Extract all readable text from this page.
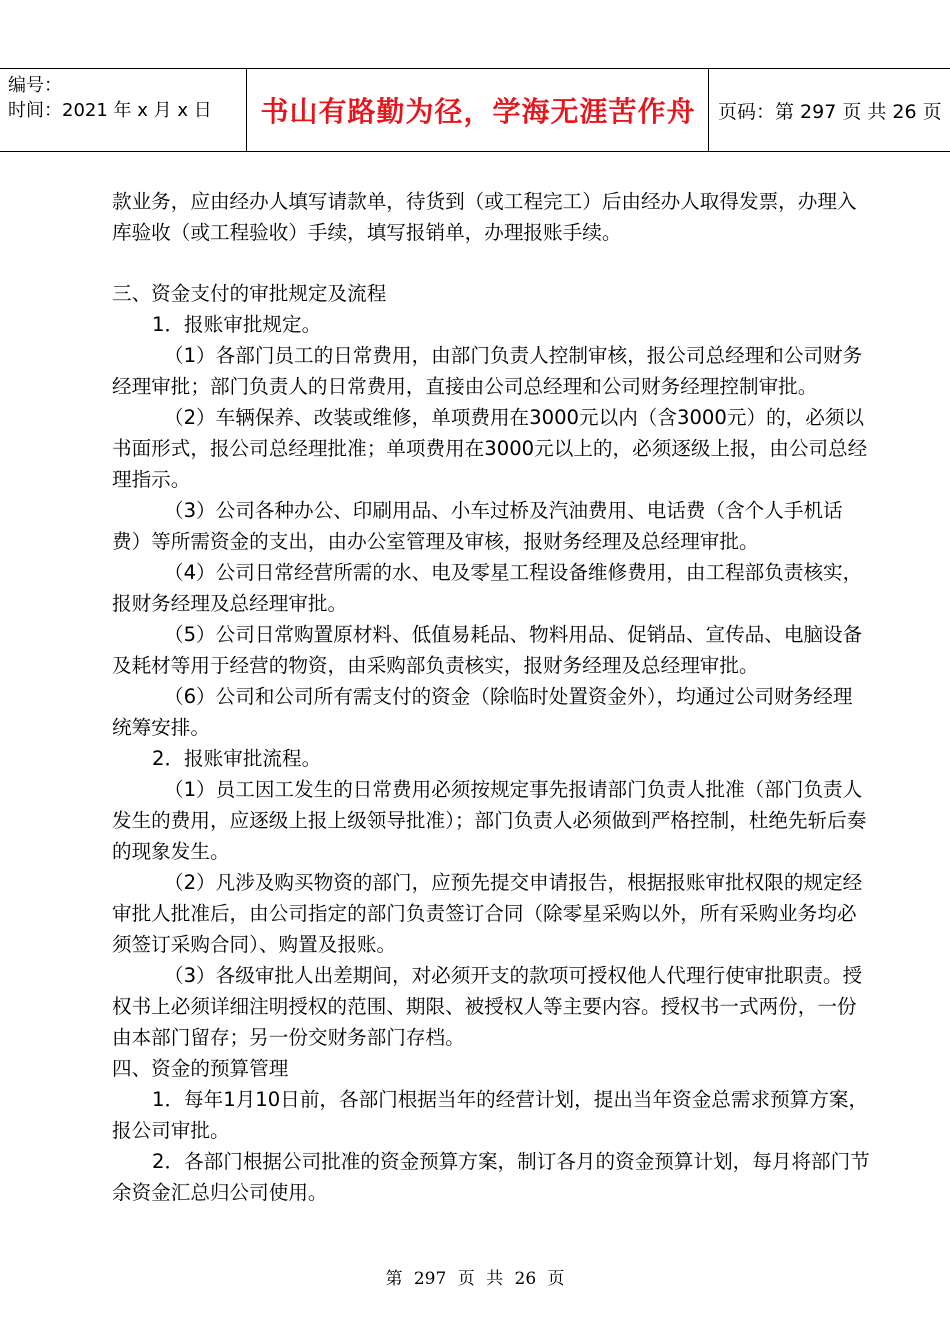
编号：
时间：2021 年 x 月 x 日	书山有路勤为径，学海无涯苦作舟	页码：第 297 页 共 26 页

款业务，应由经办人填写请款单，待货到（或工程完工）后由经办人取得发票，办理入库验收（或工程验收）手续，填写报销单，办理报账手续。

三、资金支付的审批规定及流程

1．报账审批规定。

（1）各部门员工的日常费用，由部门负责人控制审核，报公司总经理和公司财务经理审批；部门负责人的日常费用，直接由公司总经理和公司财务经理控制审批。

（2）车辆保养、改装或维修，单项费用在3000元以内（含3000元）的，必须以书面形式，报公司总经理批准；单项费用在3000元以上的，必须逐级上报，由公司总经理指示。

（3）公司各种办公、印刷用品、小车过桥及汽油费用、电话费（含个人手机话费）等所需资金的支出，由办公室管理及审核，报财务经理及总经理审批。

（4）公司日常经营所需的水、电及零星工程设备维修费用，由工程部负责核实，报财务经理及总经理审批。

（5）公司日常购置原材料、低值易耗品、物料用品、促销品、宣传品、电脑设备及耗材等用于经营的物资，由采购部负责核实，报财务经理及总经理审批。

（6）公司和公司所有需支付的资金（除临时处置资金外），均通过公司财务经理统筹安排。

2．报账审批流程。

（1）员工因工发生的日常费用必须按规定事先报请部门负责人批准（部门负责人发生的费用，应逐级上报上级领导批准）；部门负责人必须做到严格控制，杜绝先斩后奏的现象发生。

（2）凡涉及购买物资的部门，应预先提交申请报告，根据报账审批权限的规定经审批人批准后，由公司指定的部门负责签订合同（除零星采购以外，所有采购业务均必须签订采购合同）、购置及报账。

（3）各级审批人出差期间，对必须开支的款项可授权他人代理行使审批职责。授权书上必须详细注明授权的范围、期限、被授权人等主要内容。授权书一式两份，一份由本部门留存；另一份交财务部门存档。

四、资金的预算管理

1．每年1月10日前，各部门根据当年的经营计划，提出当年资金总需求预算方案，报公司审批。

2．各部门根据公司批准的资金预算方案，制订各月的资金预算计划，每月将部门节余资金汇总归公司使用。

第 297 页 共 26 页
